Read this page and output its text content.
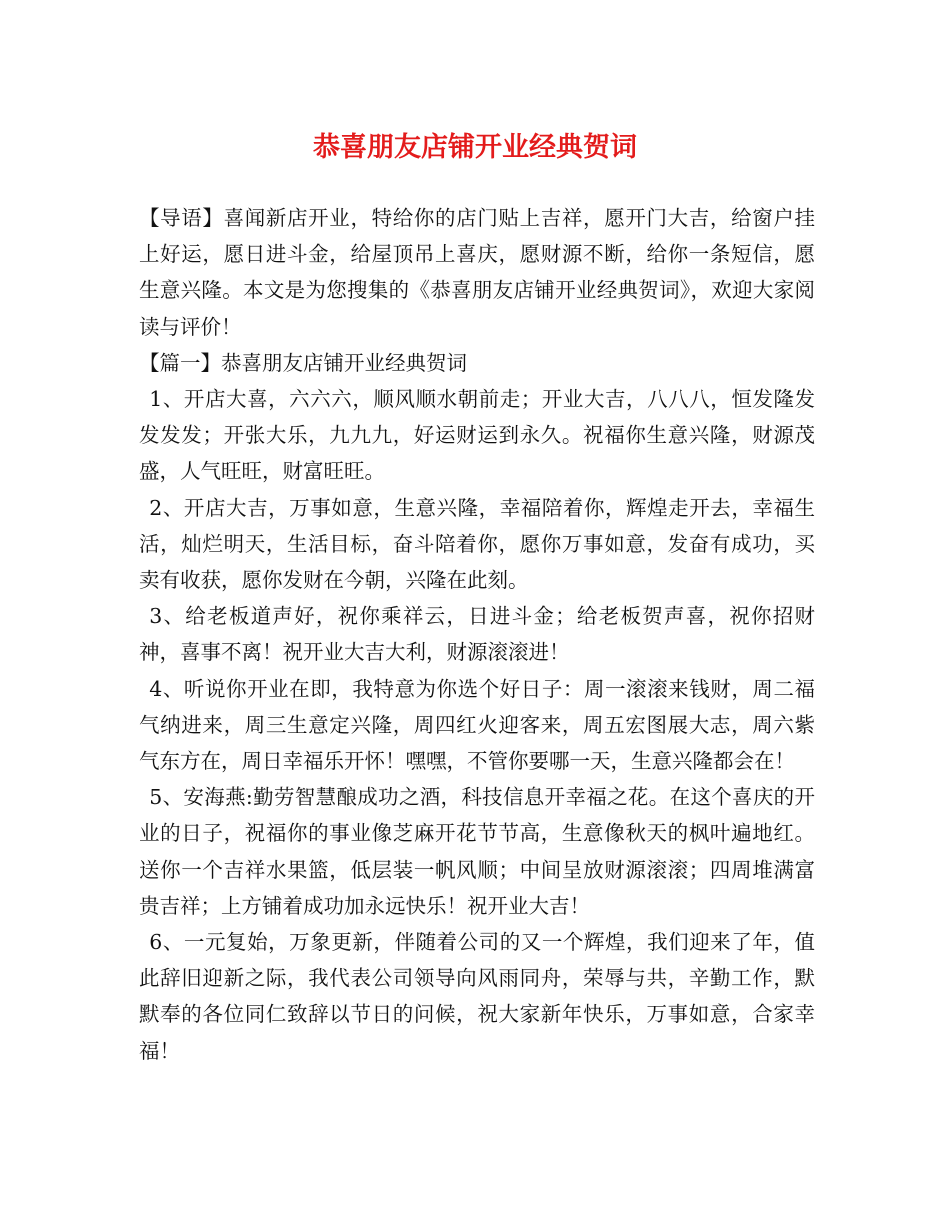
恭喜朋友店铺开业经典贺词

【导语】喜闻新店开业，特给你的店门贴上吉祥，愿开门大吉，给窗户挂上好运，愿日进斗金，给屋顶吊上喜庆，愿财源不断，给你一条短信，愿生意兴隆。本文是为您搜集的《恭喜朋友店铺开业经典贺词》，欢迎大家阅读与评价！

【篇一】恭喜朋友店铺开业经典贺词

1、开店大喜，六六六，顺风顺水朝前走；开业大吉，八八八，恒发隆发发发发；开张大乐，九九九，好运财运到永久。祝福你生意兴隆，财源茂盛，人气旺旺，财富旺旺。

2、开店大吉，万事如意，生意兴隆，幸福陪着你，辉煌走开去，幸福生活，灿烂明天，生活目标，奋斗陪着你，愿你万事如意，发奋有成功，买卖有收获，愿你发财在今朝，兴隆在此刻。

3、给老板道声好，祝你乘祥云，日进斗金；给老板贺声喜，祝你招财神，喜事不离！祝开业大吉大利，财源滚滚进！

4、听说你开业在即，我特意为你选个好日子：周一滚滚来钱财，周二福气纳进来，周三生意定兴隆，周四红火迎客来，周五宏图展大志，周六紫气东方在，周日幸福乐开怀！嘿嘿，不管你要哪一天，生意兴隆都会在！

5、安海燕:勤劳智慧酿成功之酒，科技信息开幸福之花。在这个喜庆的开业的日子，祝福你的事业像芝麻开花节节高，生意像秋天的枫叶遍地红。送你一个吉祥水果篮，低层装一帆风顺；中间呈放财源滚滚；四周堆满富贵吉祥；上方铺着成功加永远快乐！祝开业大吉！

6、一元复始，万象更新，伴随着公司的又一个辉煌，我们迎来了年，值此辞旧迎新之际，我代表公司领导向风雨同舟，荣辱与共，辛勤工作，默默奉的各位同仁致辞以节日的问候，祝大家新年快乐，万事如意，合家幸福！
